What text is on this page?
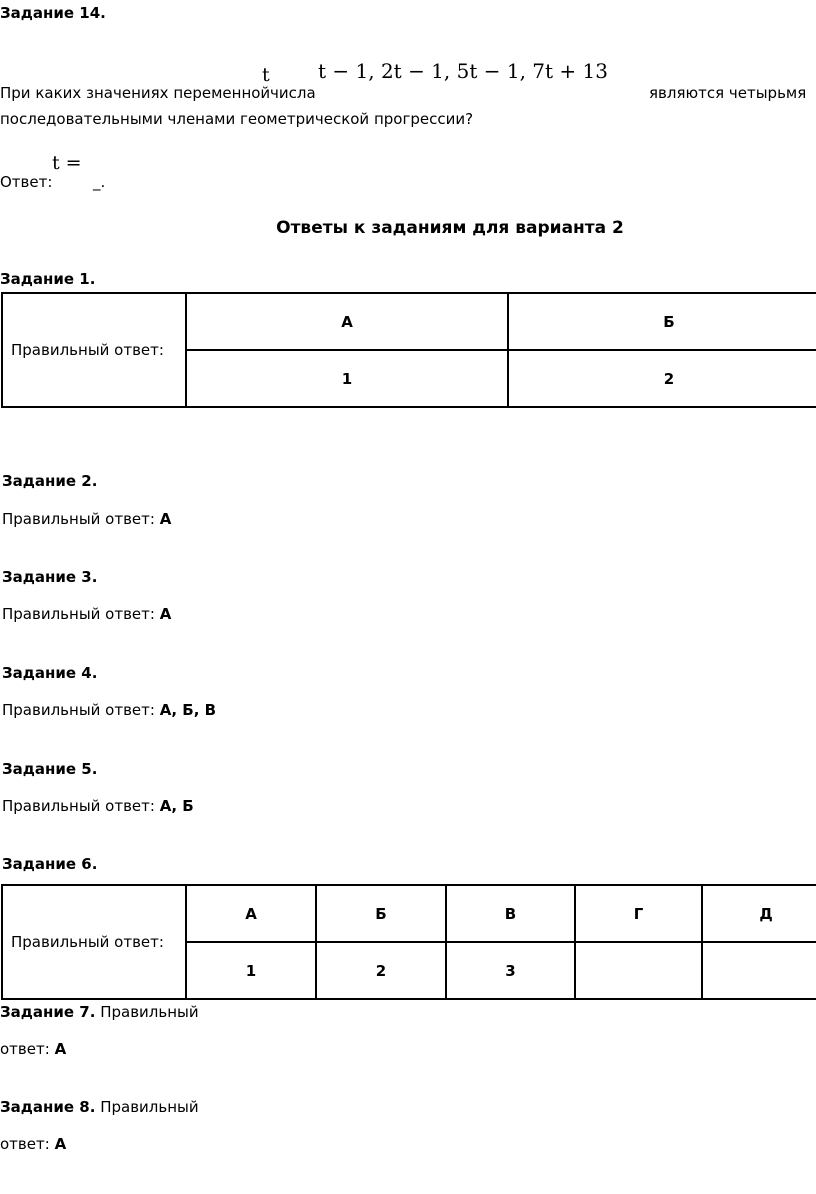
Задание 14.
t t − 1, 2t − 1, 5t − 1, 7t + 13
При каких значениях переменной числа	являются четырьмя
последовательными членами геометрической прогрессии?
Ответ:
t =
_.
Ответы к заданиям для варианта 2
Задание 1.
Правильный ответ:	А	Б
	1	2
Задание 2.
Правильный ответ: А
Задание 3.
Правильный ответ: А
Задание 4.
Правильный ответ: А, Б, В
Задание 5.
Правильный ответ: А, Б
Задание 6.
Правильный ответ:	А	Б	В	Г	Д
	1	2	3		
Задание 7. Правильный
ответ: А
Задание 8. Правильный
ответ: А
